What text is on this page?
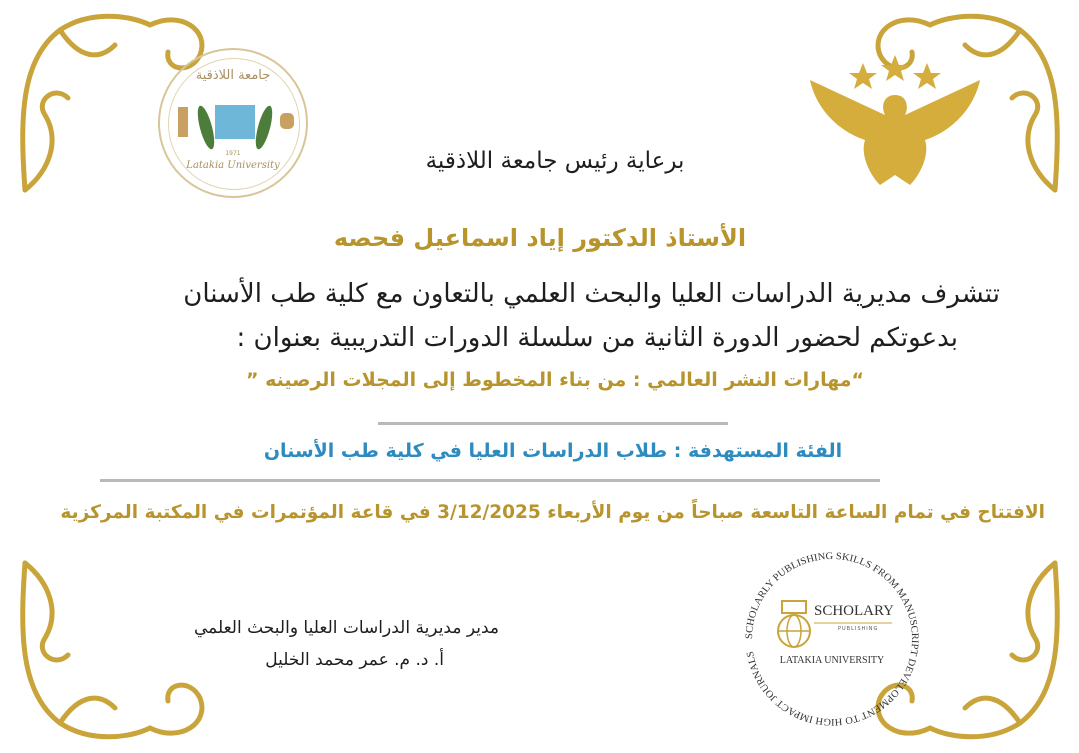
جامعة اللاذقية
1971
Latakia University	برعاية رئيس جامعة اللاذقية
الأستاذ الدكتور إياد اسماعيل فحصه
تتشرف مديرية الدراسات العليا والبحث العلمي بالتعاون مع كلية طب الأسنان
بدعوتكم لحضور الدورة الثانية من سلسلة الدورات التدريبية بعنوان :
“مهارات النشر العالمي : من بناء المخطوط إلى المجلات الرصينه ”
الفئة المستهدفة : طلاب الدراسات العليا في كلية طب الأسنان
الافتتاح في تمام الساعة التاسعة صباحاً من يوم الأربعاء 3/12/2025 في قاعة المؤتمرات في المكتبة المركزية
مدير مديرية الدراسات العليا والبحث العلمي
أ. د. م. عمر محمد الخليل
SCHOLARLY PUBLISHING SKILLS FROM MANUSCRIPT DEVELOPMENT TO HIGH IMPACT JOURNALS
SCHOLARY
PUBLISHING
LATAKIA UNIVERSITY
